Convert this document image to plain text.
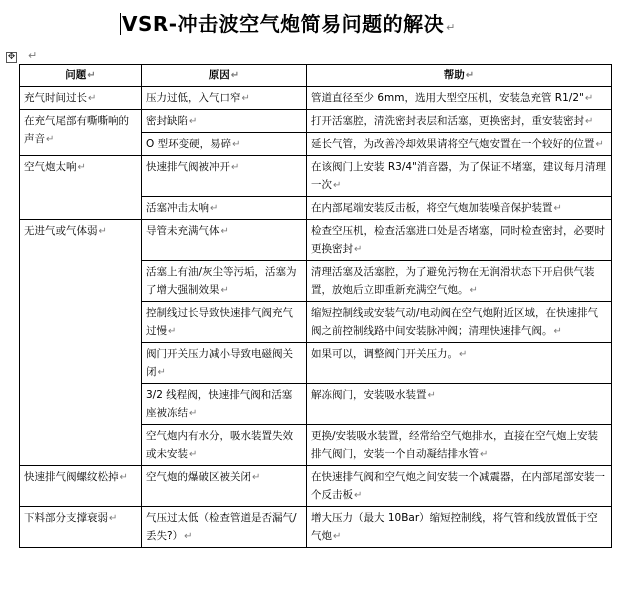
VSR-冲击波空气炮简易问题的解决 ↵
✥ ↵
问题↵	原因↵	帮助↵
充气时间过长↵	压力过低，入气口窄↵	管道直径至少 6mm，选用大型空压机，安装急充管 R1/2"↵
在充气尾部有嘶嘶响的声音↵	密封缺陷↵	打开活塞腔，清洗密封表层和活塞，更换密封，重安装密封↵
	O 型环变硬，易碎↵	延长气管，为改善冷却效果请将空气炮安置在一个较好的位置↵
空气炮太响↵	快速排气阀被冲开↵	在该阀门上安装 R3/4"消音器，为了保证不堵塞，建议每月清理一次↵
	活塞冲击太响↵	在内部尾端安装反击板，将空气炮加装噪音保护装置↵
无进气或气体弱↵	导管未充满气体↵	检查空压机，检查活塞进口处是否堵塞，同时检查密封，必要时更换密封↵
	活塞上有油/灰尘等污垢，活塞为了增大强制效果↵	清理活塞及活塞腔，为了避免污物在无润滑状态下开启供气装置，放炮后立即重新充满空气炮。↵
	控制线过长导致快速排气阀充气过慢↵	缩短控制线或安装气动/电动阀在空气炮附近区域，在快速排气阀之前控制线路中间安装脉冲阀；清理快速排气阀。↵
	阀门开关压力减小导致电磁阀关闭↵	如果可以，调整阀门开关压力。↵
	3/2 线程阀，快速排气阀和活塞座被冻结↵	解冻阀门，安装吸水装置↵
	空气炮内有水分，吸水装置失效或未安装↵	更换/安装吸水装置，经常给空气炮排水，直接在空气炮上安装排气阀门，安装一个自动凝结排水管↵
快速排气阀螺纹松掉↵	空气炮的爆破区被关闭↵	在快速排气阀和空气炮之间安装一个减震器，在内部尾部安装一个反击板↵
下料部分支撑衰弱↵	气压过太低（检查管道是否漏气/丢失?）↵	增大压力（最大 10Bar）缩短控制线，将气管和线放置低于空气炮↵
